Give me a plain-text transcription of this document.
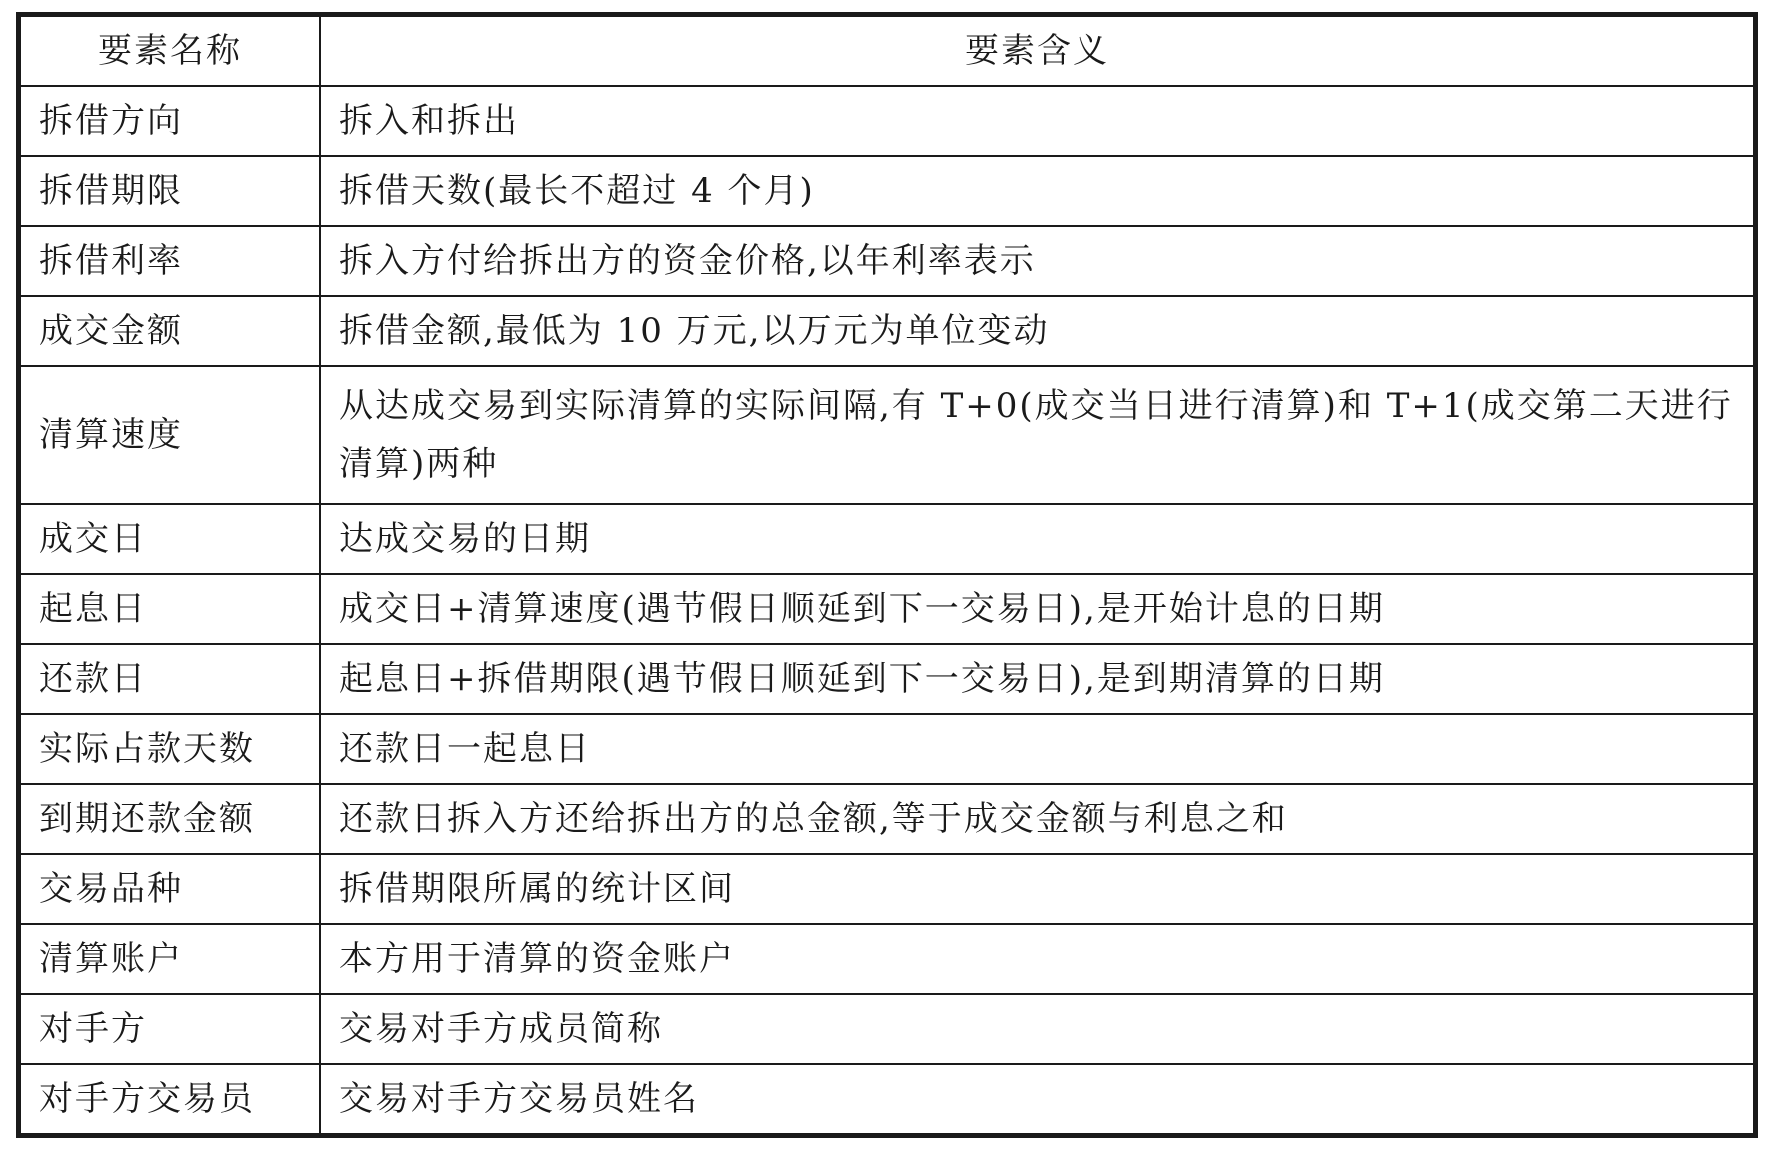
要素名称	要素含义
拆借方向	拆入和拆出
拆借期限	拆借天数(最长不超过 4 个月)
拆借利率	拆入方付给拆出方的资金价格,以年利率表示
成交金额	拆借金额,最低为 10 万元,以万元为单位变动
清算速度	从达成交易到实际清算的实际间隔,有 T+0(成交当日进行清算)和 T+1(成交第二天进行清算)两种
成交日	达成交易的日期
起息日	成交日+清算速度(遇节假日顺延到下一交易日),是开始计息的日期
还款日	起息日+拆借期限(遇节假日顺延到下一交易日),是到期清算的日期
实际占款天数	还款日一起息日
到期还款金额	还款日拆入方还给拆出方的总金额,等于成交金额与利息之和
交易品种	拆借期限所属的统计区间
清算账户	本方用于清算的资金账户
对手方	交易对手方成员简称
对手方交易员	交易对手方交易员姓名
